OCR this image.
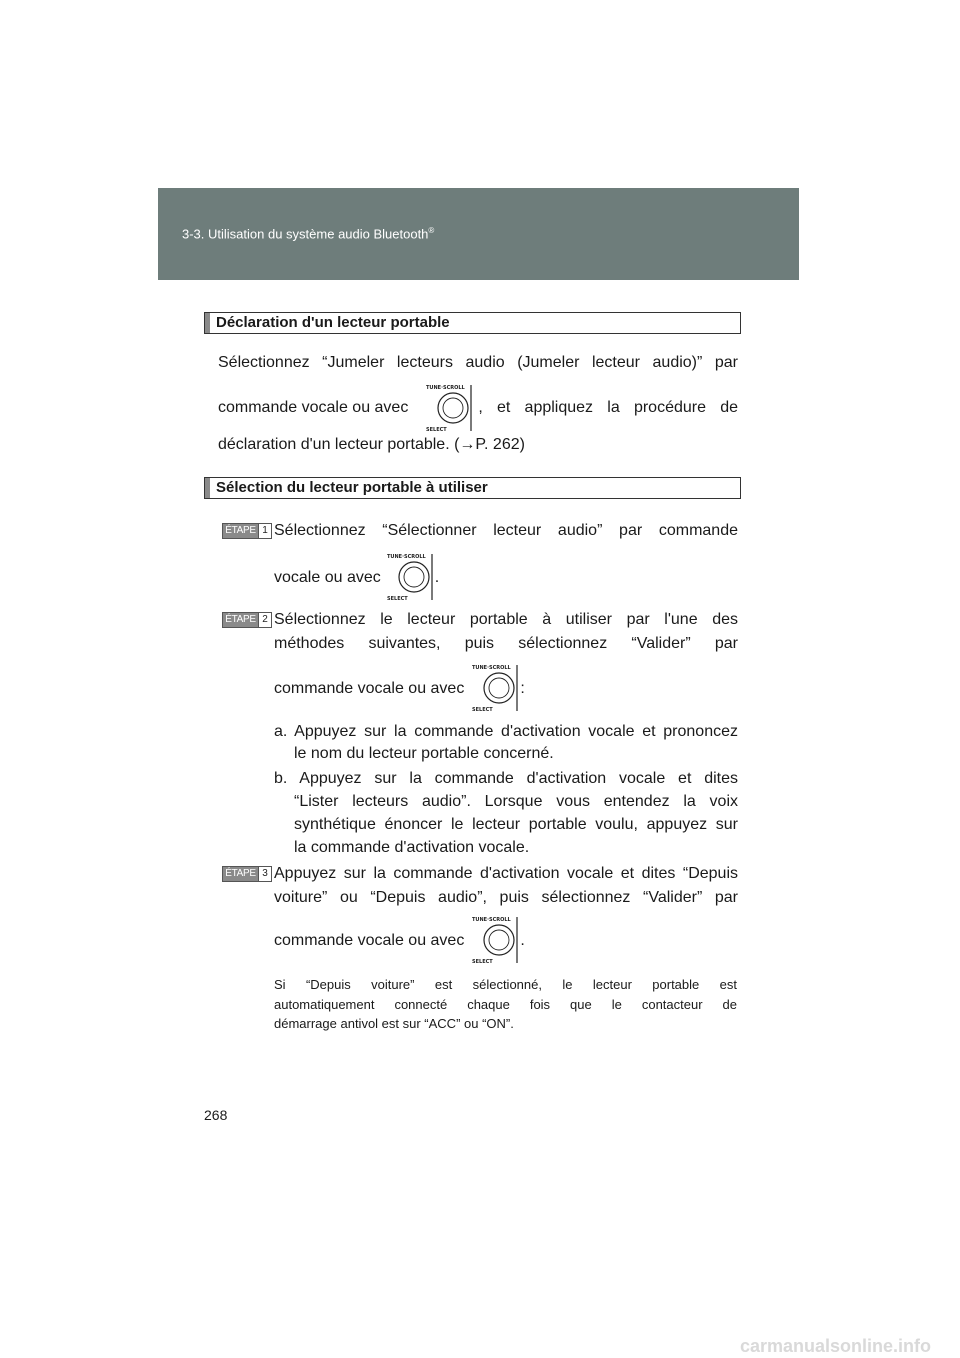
3-3. Utilisation du système audio Bluetooth®
Déclaration d'un lecteur portable
Sélectionnez “Jumeler lecteurs audio (Jumeler lecteur audio)” par
commande vocale ou avec
TUNE·SCROLL
SELECT
, et appliquez la procédure de
déclaration d'un lecteur portable. (→P. 262)
Sélection du lecteur portable à utiliser
ÉTAPE 1 Sélectionnez “Sélectionner lecteur audio” par commande
vocale ou avec
TUNE·SCROLL
SELECT
.
ÉTAPE 2 Sélectionnez le lecteur portable à utiliser par l'une des
méthodes suivantes, puis sélectionnez “Valider” par
commande vocale ou avec
TUNE·SCROLL
SELECT
:
a. Appuyez sur la commande d'activation vocale et prononcez
le nom du lecteur portable concerné.
b. Appuyez sur la commande d'activation vocale et dites
“Lister lecteurs audio”. Lorsque vous entendez la voix
synthétique énoncer le lecteur portable voulu, appuyez sur
la commande d'activation vocale.
ÉTAPE 3 Appuyez sur la commande d'activation vocale et dites “Depuis
voiture” ou “Depuis audio”, puis sélectionnez “Valider” par
commande vocale ou avec
TUNE·SCROLL
SELECT
.
Si “Depuis voiture” est sélectionné, le lecteur portable est
automatiquement connecté chaque fois que le contacteur de
démarrage antivol est sur “ACC” ou “ON”.
268
carmanualsonline.info
